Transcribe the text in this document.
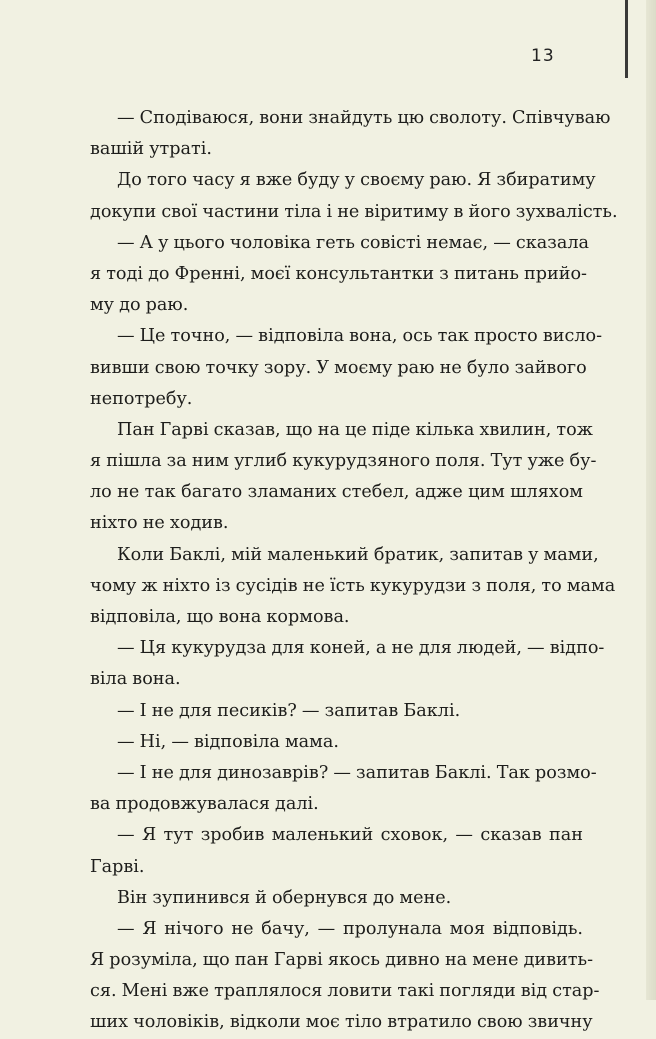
13
— Сподіваюся, вони знайдуть цю сволоту. Співчуваю
вашій утраті.
До того часу я вже буду у своєму раю. Я збиратиму
докупи свої частини тіла і не віритиму в його зухвалість.
— А у цього чоловіка геть совісті немає, — сказала
я тоді до Френні, моєї консультантки з питань прийо-
му до раю.
— Це точно, — відповіла вона, ось так просто вислo-
вивши свою точку зору. У моєму раю не було зайвого
непотребу.
Пан Гарві сказав, що на це піде кілька хвилин, тож
я пішла за ним углиб кукурудзяного поля. Тут уже бу-
ло не так багато зламаних стебел, адже цим шляхом
ніхто не ходив.
Коли Баклі, мій маленький братик, запитав у мами,
чому ж ніхто із сусідів не їсть кукурудзи з поля, то мама
відповіла, що вона кормова.
— Ця кукурудза для коней, а не для людей, — відпо-
віла вона.
— І не для песиків? — запитав Баклі.
— Ні, — відповіла мама.
— І не для динозаврів? — запитав Баклі. Так розмо-
ва продовжувалася далі.
— Я тут зробив маленький сховок, — сказав пан
Гарві.
Він зупинився й обернувся до мене.
— Я нічого не бачу, — пролунала моя відповідь.
Я розуміла, що пан Гарві якось дивно на мене дивить-
ся. Мені вже траплялося ловити такі погляди від стар-
ших чоловіків, відколи моє тіло втратило свою звичну
